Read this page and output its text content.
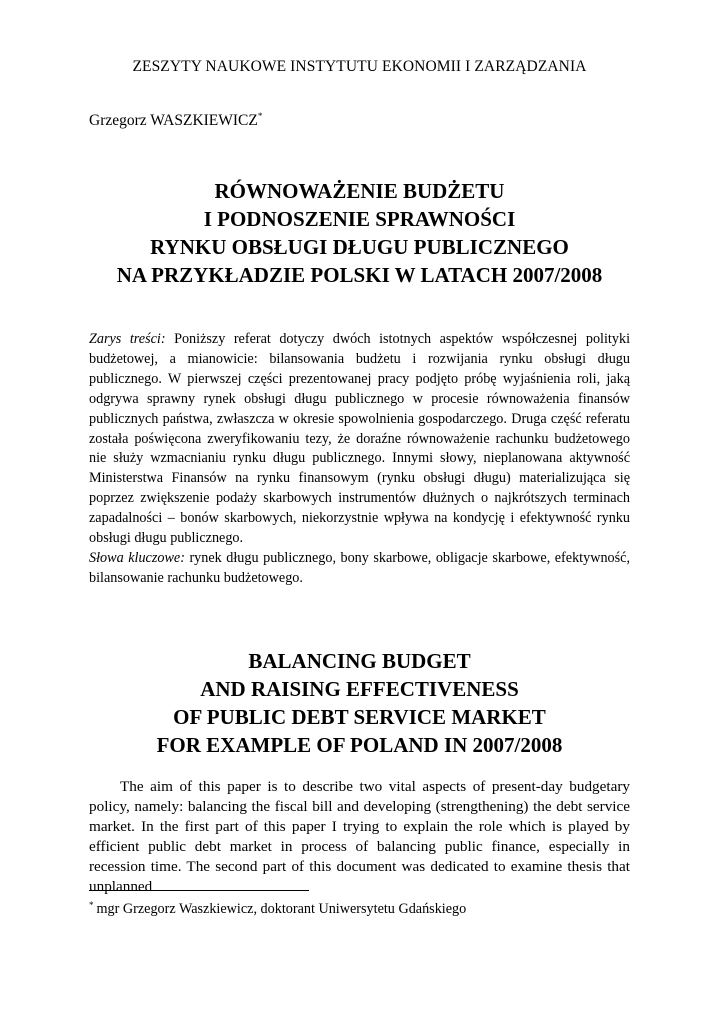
ZESZYTY NAUKOWE INSTYTUTU EKONOMII I ZARZĄDZANIA
Grzegorz WASZKIEWICZ*
RÓWNOWAŻENIE BUDŻETU
I PODNOSZENIE SPRAWNOŚCI
RYNKU OBSŁUGI DŁUGU PUBLICZNEGO
NA PRZYKŁADZIE POLSKI W LATACH 2007/2008

Zarys treści: Poniższy referat dotyczy dwóch istotnych aspektów współczesnej polityki budżetowej, a mianowicie: bilansowania budżetu i rozwijania rynku obsługi długu publicznego. W pierwszej części prezentowanej pracy podjęto próbę wyjaśnienia roli, jaką odgrywa sprawny rynek obsługi długu publicznego w procesie równoważenia finansów publicznych państwa, zwłaszcza w okresie spowolnienia gospodarczego. Druga część referatu została poświęcona zweryfikowaniu tezy, że doraźne równoważenie rachunku budżetowego nie służy wzmacnianiu rynku długu publicznego. Innymi słowy, nieplanowana aktywność Ministerstwa Finansów na rynku finansowym (rynku obsługi długu) materializująca się poprzez zwiększenie podaży skarbowych instrumentów dłużnych o najkrótszych terminach zapadalności – bonów skarbowych, niekorzystnie wpływa na kondycję i efektywność rynku obsługi długu publicznego.

Słowa kluczowe: rynek długu publicznego, bony skarbowe, obligacje skarbowe, efektywność, bilansowanie rachunku budżetowego.

BALANCING BUDGET
AND RAISING EFFECTIVENESS
OF PUBLIC DEBT SERVICE MARKET
FOR EXAMPLE OF POLAND IN 2007/2008

The aim of this paper is to describe two vital aspects of present-day budgetary policy, namely: balancing the fiscal bill and developing (strengthening) the debt service market. In the first part of this paper I trying to explain the role which is played by efficient public debt market in process of balancing public finance, especially in recession time. The second part of this document was dedicated to examine thesis that unplanned

* mgr Grzegorz Waszkiewicz, doktorant Uniwersytetu Gdańskiego
